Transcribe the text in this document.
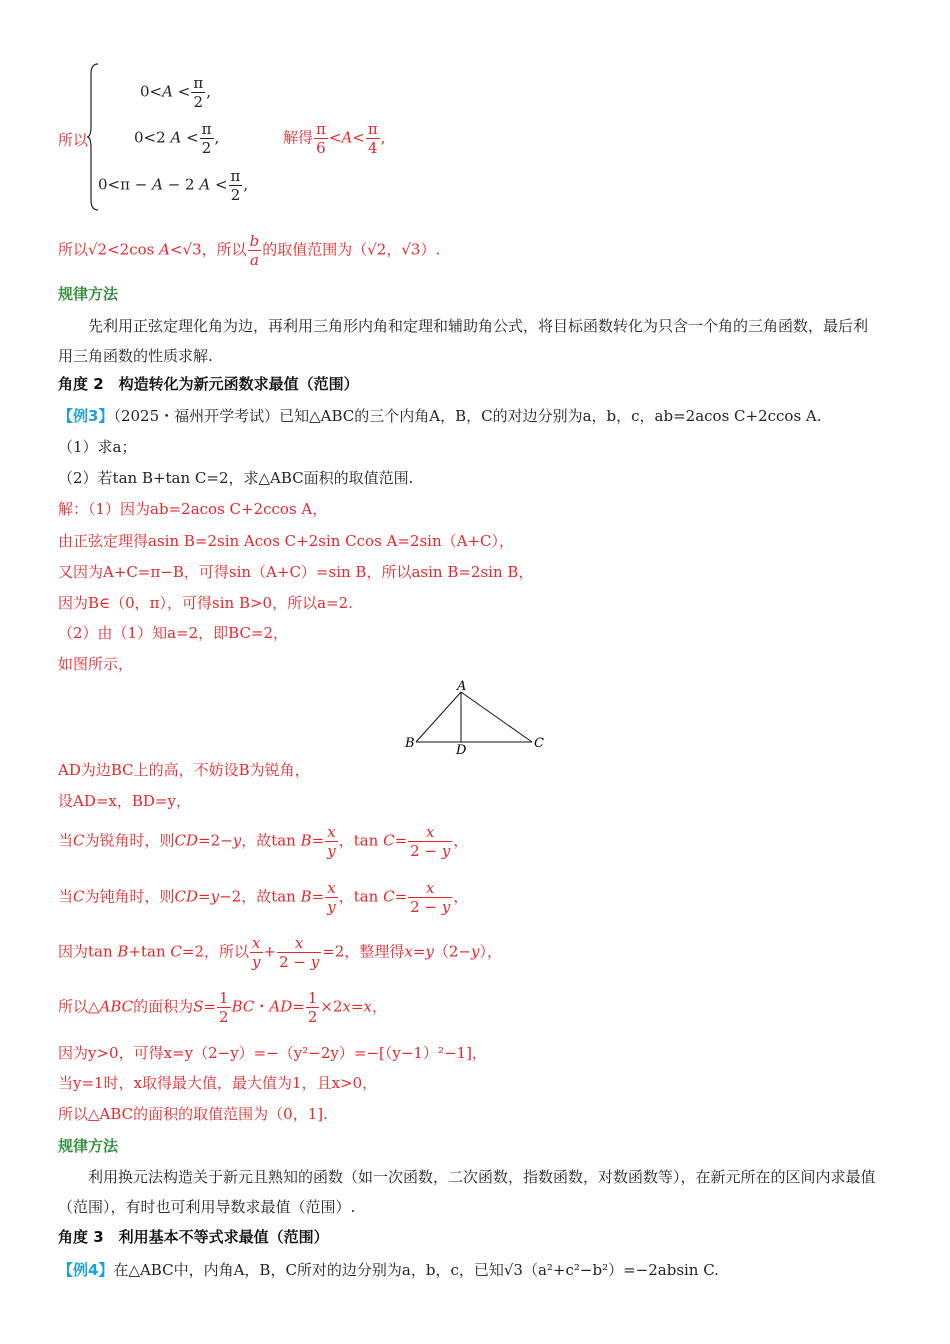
所以
$0<A < \frac{\pi}{2}$ ,
0<2 $A < \frac{\pi}{2}$ ,
0<π − A − 2 $A < \frac{\pi}{2}$ ,
解得 $\frac{\pi}{6} <A< \frac{\pi}{4}$ ,
所以√2<2cos A<√3，所以 $\frac{b}{a}$ 的取值范围为（√2，√3）.
规律方法
先利用正弦定理化角为边，再利用三角形内角和定理和辅助角公式，将目标函数转化为只含一个角的三角函数，最后利用三角函数的性质求解.
角度 2　构造转化为新元函数求最值（范围）
【例3】（2025・福州开学考试）已知△ABC的三个内角A，B，C的对边分别为a，b，c，ab=2acos C+2ccos A.
（1）求a；
（2）若tan B+tan C=2，求△ABC面积的取值范围.
解：（1）因为ab=2acos C+2ccos A，
由正弦定理得asin B=2sin Acos C+2sin Ccos A=2sin（A+C），
又因为A+C=π−B，可得sin（A+C）=sin B，所以asin B=2sin B，
因为B∈（0，π），可得sin B>0，所以a=2.
（2）由（1）知a=2，即BC=2，
如图所示，
A
B	C
D
AD为边BC上的高，不妨设B为锐角，
设AD=x，BD=y，
当C为锐角时，则CD=2−y，故$\tan B= \frac{x}{y}$ ，$\tan C= \frac{x}{2 - y}$ ，
当C为钝角时，则CD=y−2，故$\tan B= \frac{x}{y}$ ，$\tan C= \frac{x}{2 - y}$ ，
因为tan B+tan C=2，所以 $\frac{x}{y} + \frac{x}{2 - y} =2$，整理得x=y（2−y），
所以△ABC的面积为$S= \frac{1}{2}$ BC・$AD= \frac{1}{2} \times 2x=x$，
因为y>0，可得x=y（2−y）=−（y²−2y）=−[（y−1）²−1]，
当y=1时，x取得最大值，最大值为1，且x>0，
所以△ABC的面积的取值范围为（0，1].
规律方法
利用换元法构造关于新元且熟知的函数（如一次函数，二次函数，指数函数，对数函数等），在新元所在的区间内求最值（范围），有时也可利用导数求最值（范围）.
角度 3　利用基本不等式求最值（范围）
【例4】在△ABC中，内角A，B，C所对的边分别为a，b，c，已知√3（a²+c²−b²）=−2absin C.
